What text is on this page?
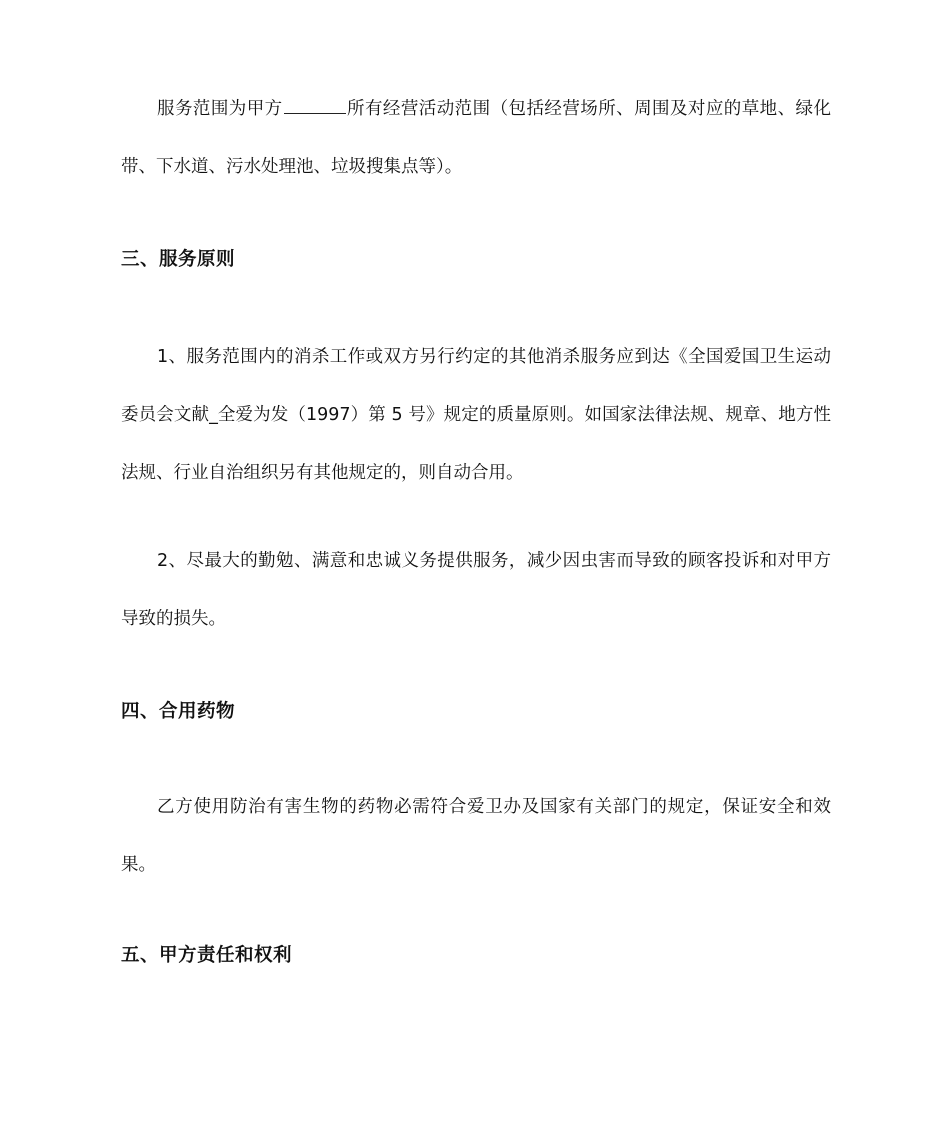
服务范围为甲方	所有经营活动范围（包括经营场所、周围及对应的草地、绿化带、下水道、污水处理池、垃圾搜集点等）。

三、服务原则

1、服务范围内的消杀工作或双方另行约定的其他消杀服务应到达《全国爱国卫生运动委员会文献_全爱为发（1997）第 5 号》规定的质量原则。如国家法律法规、规章、地方性法规、行业自治组织另有其他规定的，则自动合用。

2、尽最大的勤勉、满意和忠诚义务提供服务，减少因虫害而导致的顾客投诉和对甲方导致的损失。

四、合用药物

乙方使用防治有害生物的药物必需符合爱卫办及国家有关部门的规定，保证安全和效果。

五、甲方责任和权利
